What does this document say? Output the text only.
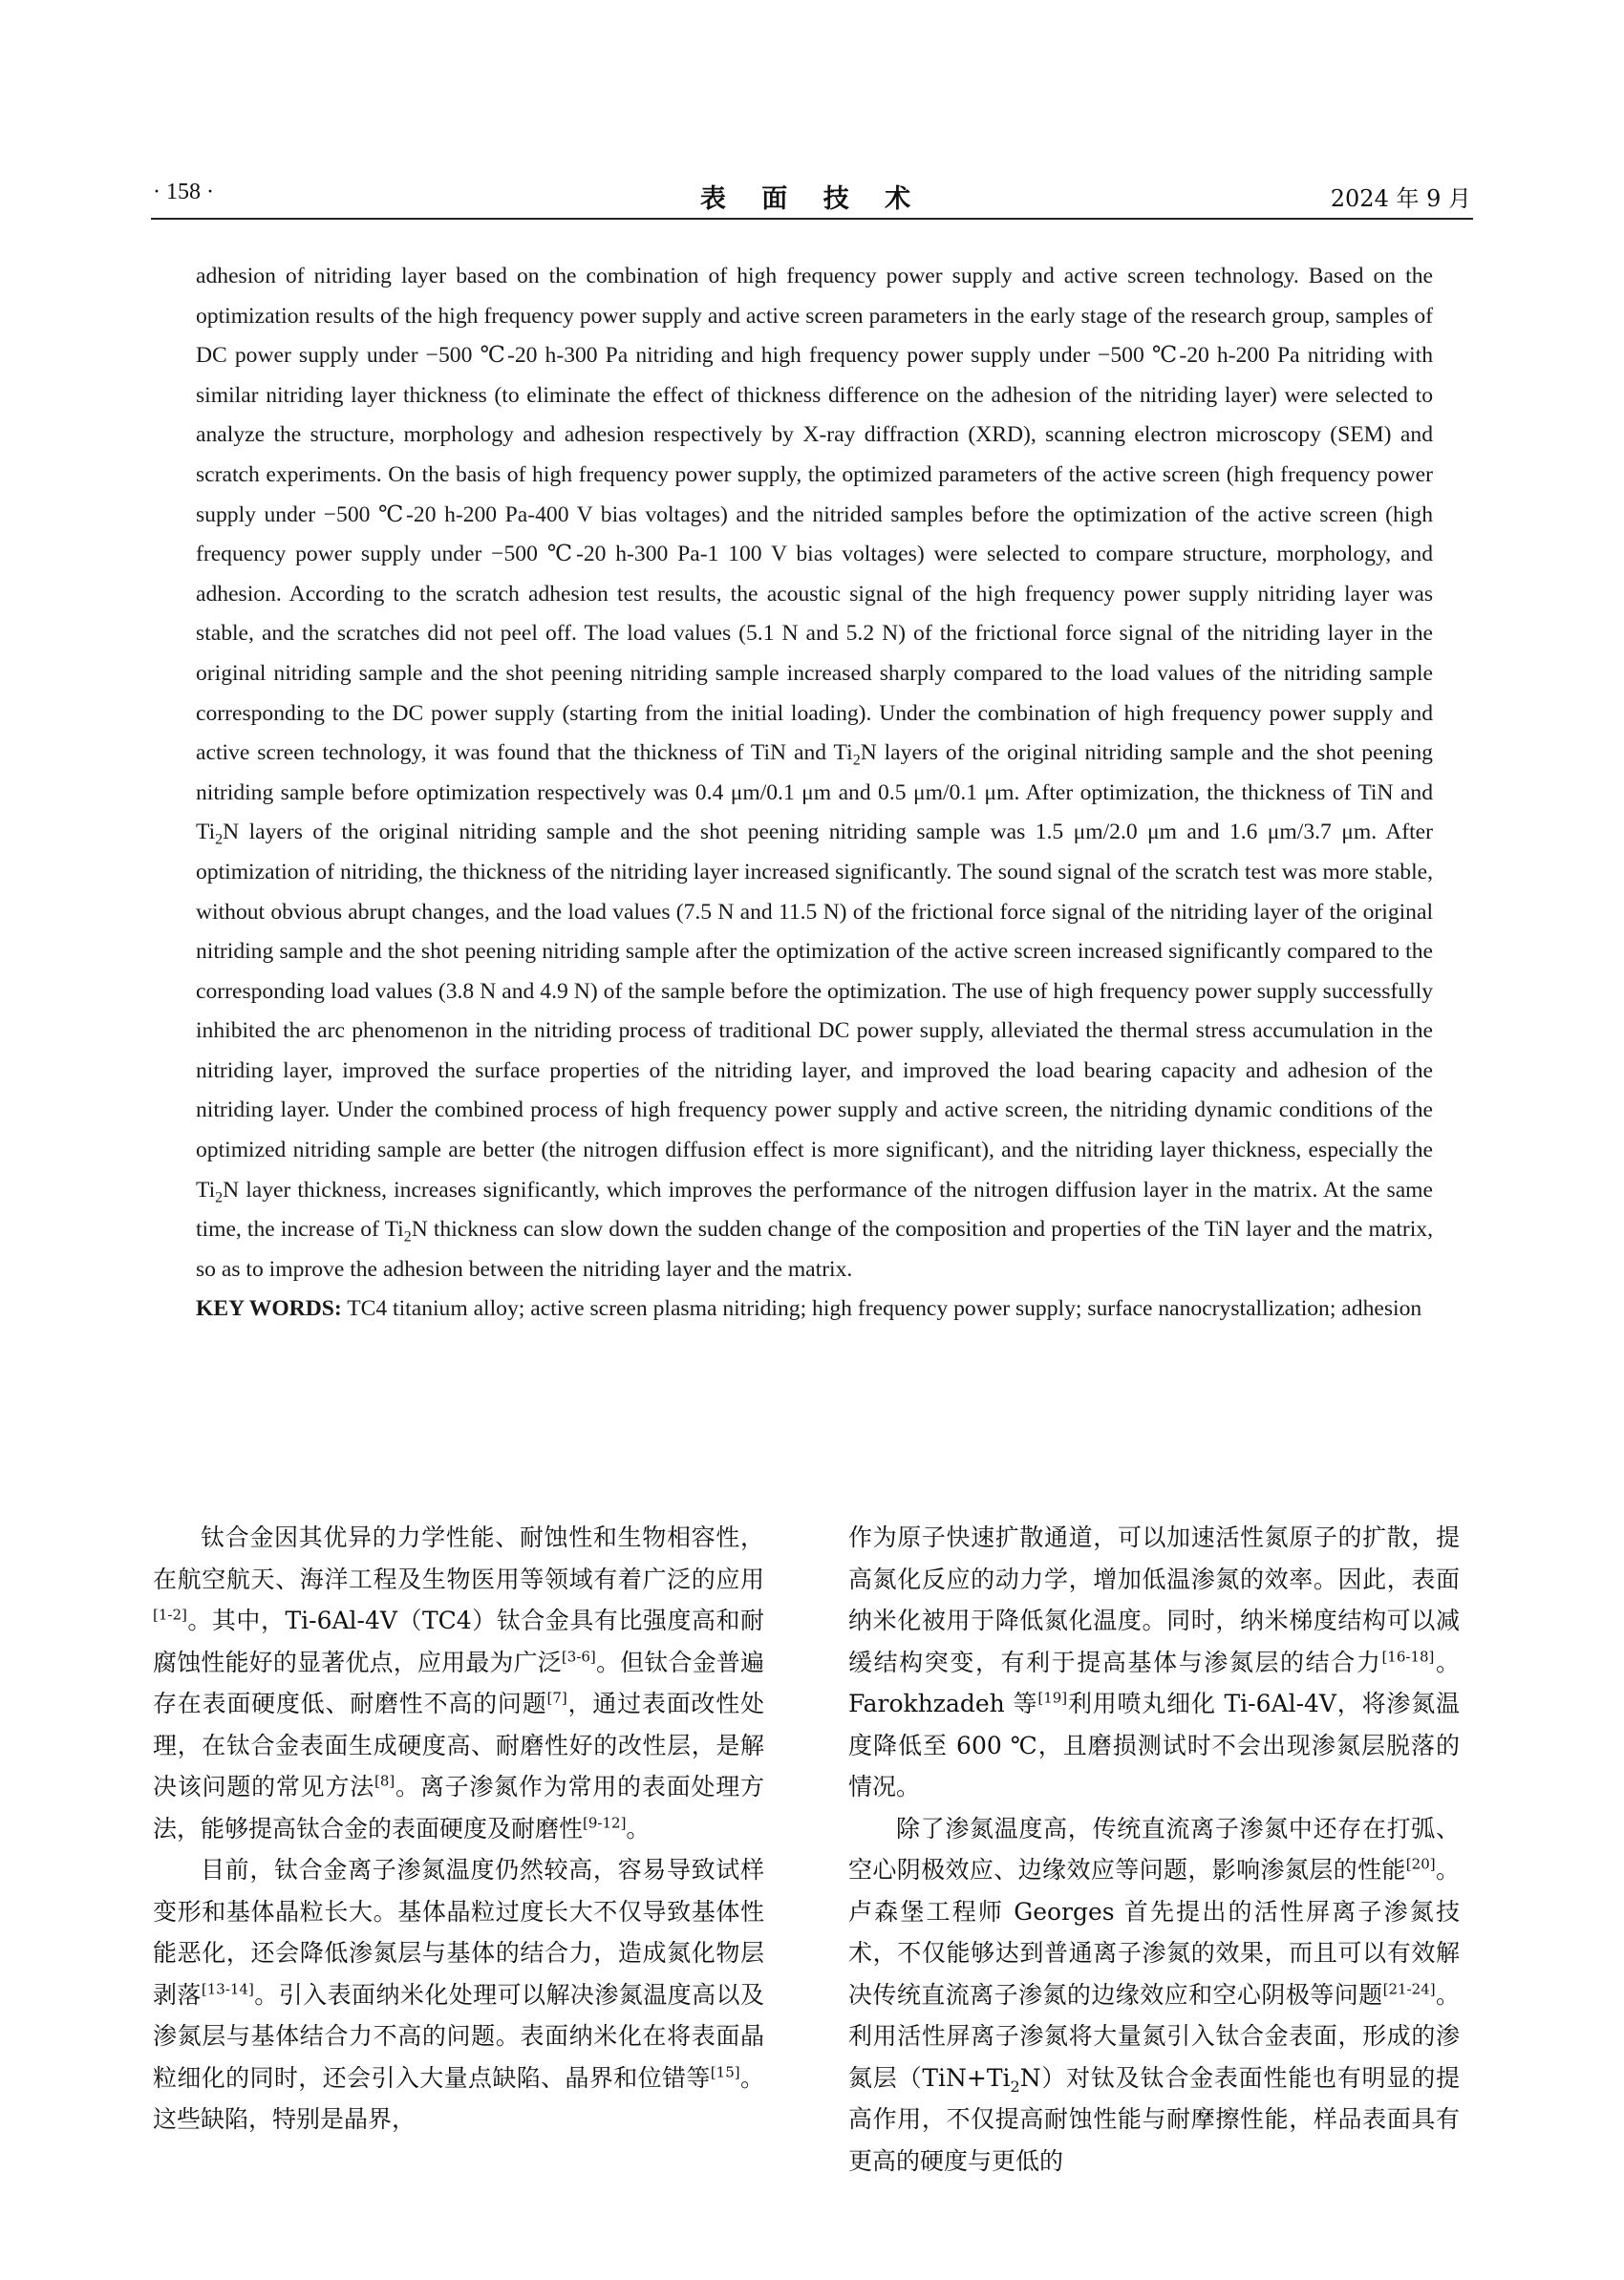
· 158 ·	表 面 技 术	2024 年 9 月

adhesion of nitriding layer based on the combination of high frequency power supply and active screen technology. Based on the optimization results of the high frequency power supply and active screen parameters in the early stage of the research group, samples of DC power supply under −500 ℃-20 h-300 Pa nitriding and high frequency power supply under −500 ℃-20 h-200 Pa nitriding with similar nitriding layer thickness (to eliminate the effect of thickness difference on the adhesion of the nitriding layer) were selected to analyze the structure, morphology and adhesion respectively by X-ray diffraction (XRD), scanning electron microscopy (SEM) and scratch experiments. On the basis of high frequency power supply, the optimized parameters of the active screen (high frequency power supply under −500 ℃-20 h-200 Pa-400 V bias voltages) and the nitrided samples before the optimization of the active screen (high frequency power supply under −500 ℃-20 h-300 Pa-1 100 V bias voltages) were selected to compare structure, morphology, and adhesion. According to the scratch adhesion test results, the acoustic signal of the high frequency power supply nitriding layer was stable, and the scratches did not peel off. The load values (5.1 N and 5.2 N) of the frictional force signal of the nitriding layer in the original nitriding sample and the shot peening nitriding sample increased sharply compared to the load values of the nitriding sample corresponding to the DC power supply (starting from the initial loading). Under the combination of high frequency power supply and active screen technology, it was found that the thickness of TiN and $Ti_2N$ layers of the original nitriding sample and the shot peening nitriding sample before optimization respectively was 0.4 μm/0.1 μm and 0.5 μm/0.1 μm. After optimization, the thickness of TiN and $Ti_2N$ layers of the original nitriding sample and the shot peening nitriding sample was 1.5 μm/2.0 μm and 1.6 μm/3.7 μm. After optimization of nitriding, the thickness of the nitriding layer increased significantly. The sound signal of the scratch test was more stable, without obvious abrupt changes, and the load values (7.5 N and 11.5 N) of the frictional force signal of the nitriding layer of the original nitriding sample and the shot peening nitriding sample after the optimization of the active screen increased significantly compared to the corresponding load values (3.8 N and 4.9 N) of the sample before the optimization. The use of high frequency power supply successfully inhibited the arc phenomenon in the nitriding process of traditional DC power supply, alleviated the thermal stress accumulation in the nitriding layer, improved the surface properties of the nitriding layer, and improved the load bearing capacity and adhesion of the nitriding layer. Under the combined process of high frequency power supply and active screen, the nitriding dynamic conditions of the optimized nitriding sample are better (the nitrogen diffusion effect is more significant), and the nitriding layer thickness, especially the $Ti_2N$ layer thickness, increases significantly, which improves the performance of the nitrogen diffusion layer in the matrix. At the same time, the increase of $Ti_2N$ thickness can slow down the sudden change of the composition and properties of the TiN layer and the matrix, so as to improve the adhesion between the nitriding layer and the matrix.

KEY WORDS: TC4 titanium alloy; active screen plasma nitriding; high frequency power supply; surface nanocrystallization; adhesion

钛合金因其优异的力学性能、耐蚀性和生物相容性，在航空航天、海洋工程及生物医用等领域有着广泛的应用[1-2]。其中，Ti-6Al-4V（TC4）钛合金具有比强度高和耐腐蚀性能好的显著优点，应用最为广泛[3-6]。但钛合金普遍存在表面硬度低、耐磨性不高的问题[7]，通过表面改性处理，在钛合金表面生成硬度高、耐磨性好的改性层，是解决该问题的常见方法[8]。离子渗氮作为常用的表面处理方法，能够提高钛合金的表面硬度及耐磨性[9-12]。

目前，钛合金离子渗氮温度仍然较高，容易导致试样变形和基体晶粒长大。基体晶粒过度长大不仅导致基体性能恶化，还会降低渗氮层与基体的结合力，造成氮化物层剥落[13-14]。引入表面纳米化处理可以解决渗氮温度高以及渗氮层与基体结合力不高的问题。表面纳米化在将表面晶粒细化的同时，还会引入大量点缺陷、晶界和位错等[15]。这些缺陷，特别是晶界，

作为原子快速扩散通道，可以加速活性氮原子的扩散，提高氮化反应的动力学，增加低温渗氮的效率。因此，表面纳米化被用于降低氮化温度。同时，纳米梯度结构可以减缓结构突变，有利于提高基体与渗氮层的结合力[16-18]。Farokhzadeh 等[19]利用喷丸细化 Ti-6Al-4V，将渗氮温度降低至 600 ℃，且磨损测试时不会出现渗氮层脱落的情况。

除了渗氮温度高，传统直流离子渗氮中还存在打弧、空心阴极效应、边缘效应等问题，影响渗氮层的性能[20]。卢森堡工程师 Georges 首先提出的活性屏离子渗氮技术，不仅能够达到普通离子渗氮的效果，而且可以有效解决传统直流离子渗氮的边缘效应和空心阴极等问题[21-24]。利用活性屏离子渗氮将大量氮引入钛合金表面，形成的渗氮层$(TiN+Ti_2N)$对钛及钛合金表面性能也有明显的提高作用，不仅提高耐蚀性能与耐摩擦性能，样品表面具有更高的硬度与更低的
